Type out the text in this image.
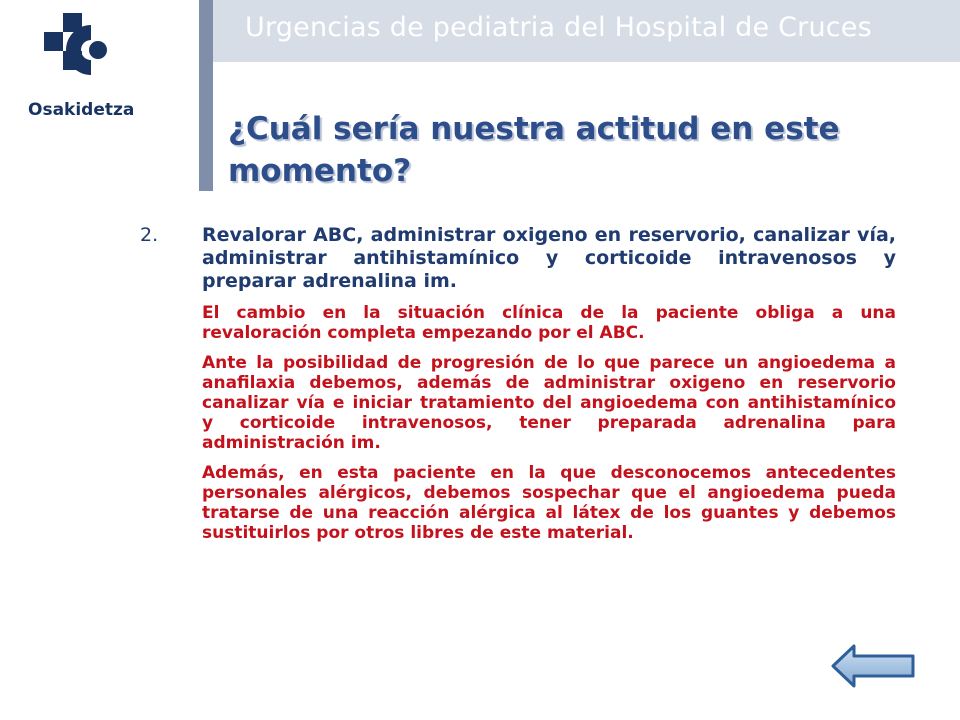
Urgencias de pediatria del Hospital de Cruces
Osakidetza
¿Cuál sería nuestra actitud en este momento?
2. Revalorar ABC, administrar oxigeno en reservorio, canalizar vía, administrar antihistamínico y corticoide intravenosos y preparar adrenalina im.
El cambio en la situación clínica de la paciente obliga a una revaloración completa empezando por el ABC.
Ante la posibilidad de progresión de lo que parece un angioedema a anafilaxia debemos, además de administrar oxigeno en reservorio canalizar vía e iniciar tratamiento del angioedema con antihistamínico y corticoide intravenosos, tener preparada adrenalina para administración im.
Además, en esta paciente en la que desconocemos antecedentes personales alérgicos, debemos sospechar que el angioedema pueda tratarse de una reacción alérgica al látex de los guantes y debemos sustituirlos por otros libres de este material.
